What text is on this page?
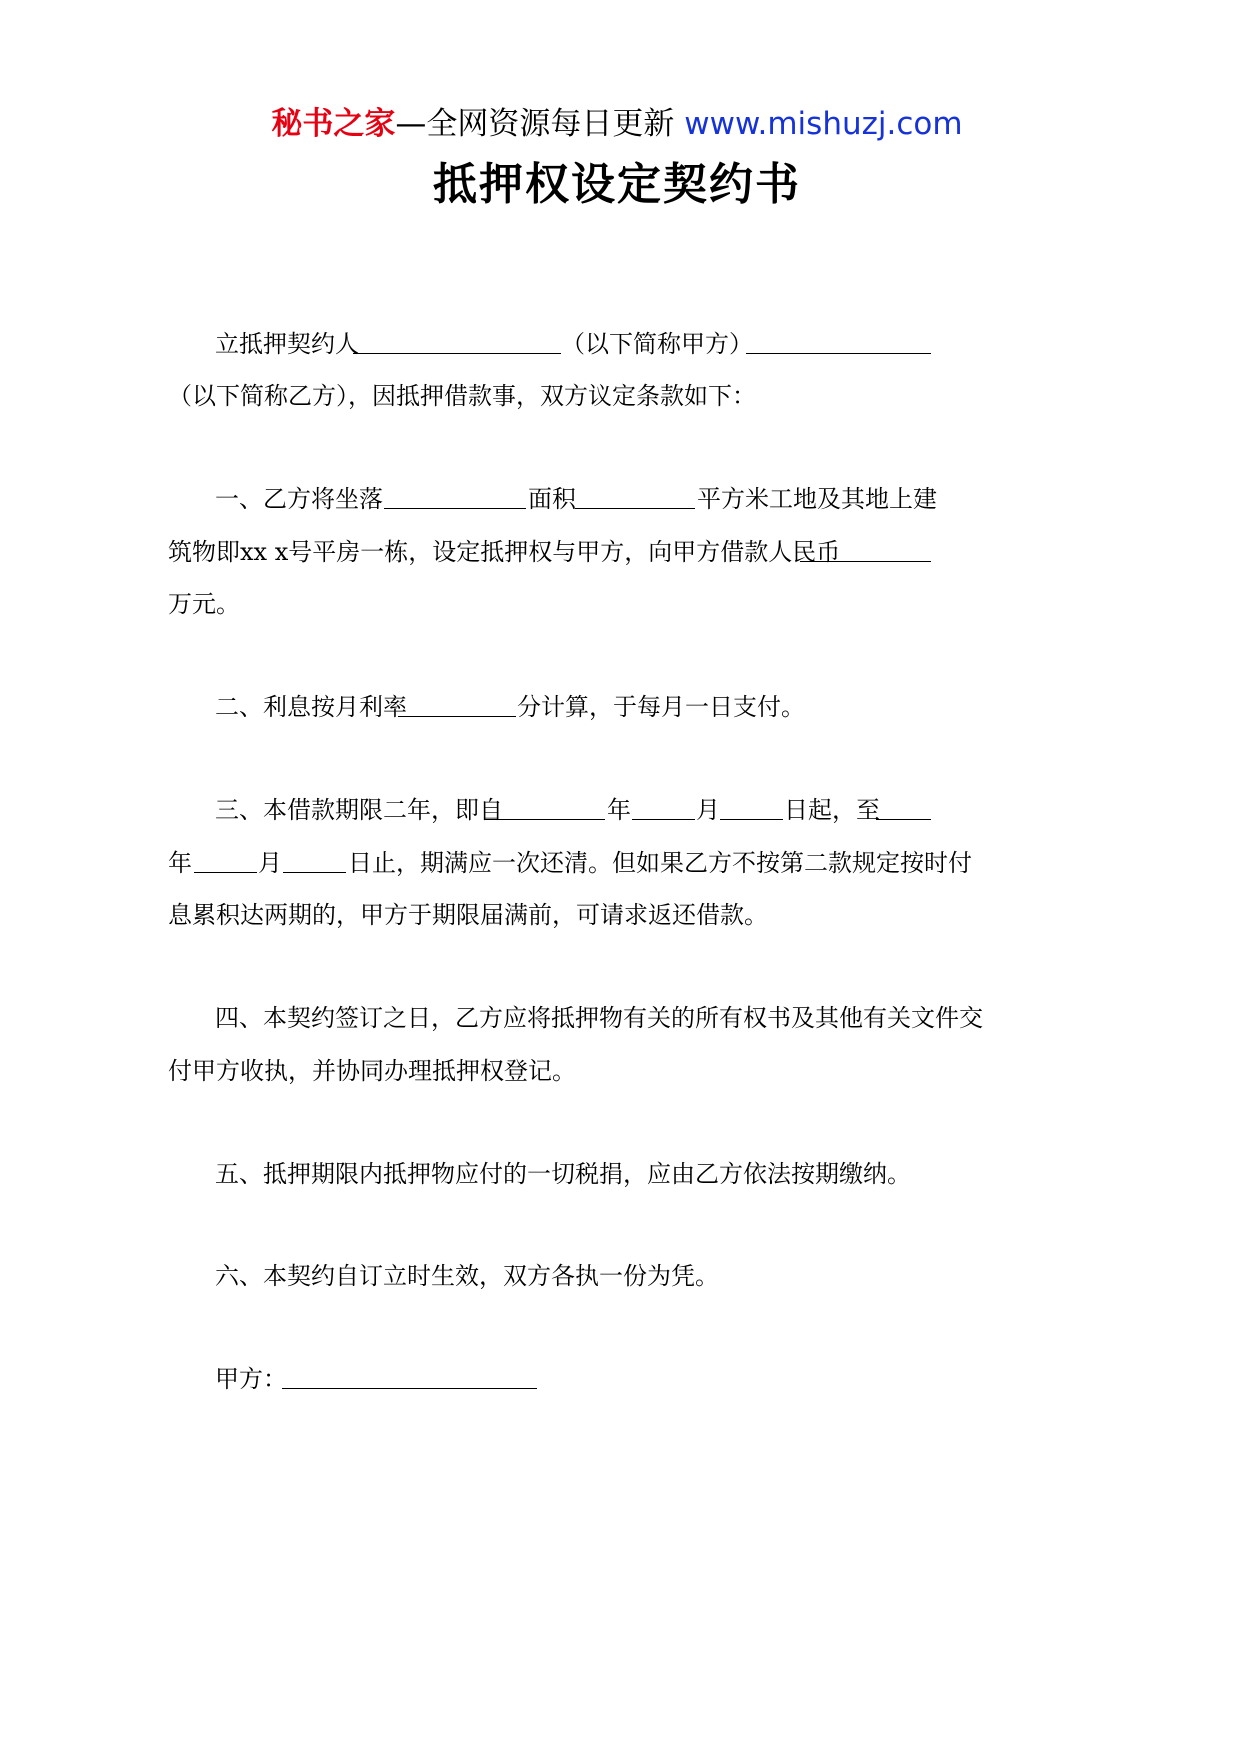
秘书之家—全网资源每日更新 www.mishuzj.com
抵押权设定契约书
立抵押契约人	（以下简称甲方）
（以下简称乙方），因抵押借款事，双方议定条款如下：
一、乙方将坐落	面积	平方米工地及其地上建
筑物即xx x号平房一栋，设定抵押权与甲方，向甲方借款人民币
万元。
二、利息按月利率	分计算，于每月一日支付。
三、本借款期限二年，即自	年	月	日起，至
年	月	日止，期满应一次还清。但如果乙方不按第二款规定按时付
息累积达两期的，甲方于期限届满前，可请求返还借款。
四、本契约签订之日，乙方应将抵押物有关的所有权书及其他有关文件交
付甲方收执，并协同办理抵押权登记。
五、抵押期限内抵押物应付的一切税捐，应由乙方依法按期缴纳。
六、本契约自订立时生效，双方各执一份为凭。
甲方：
